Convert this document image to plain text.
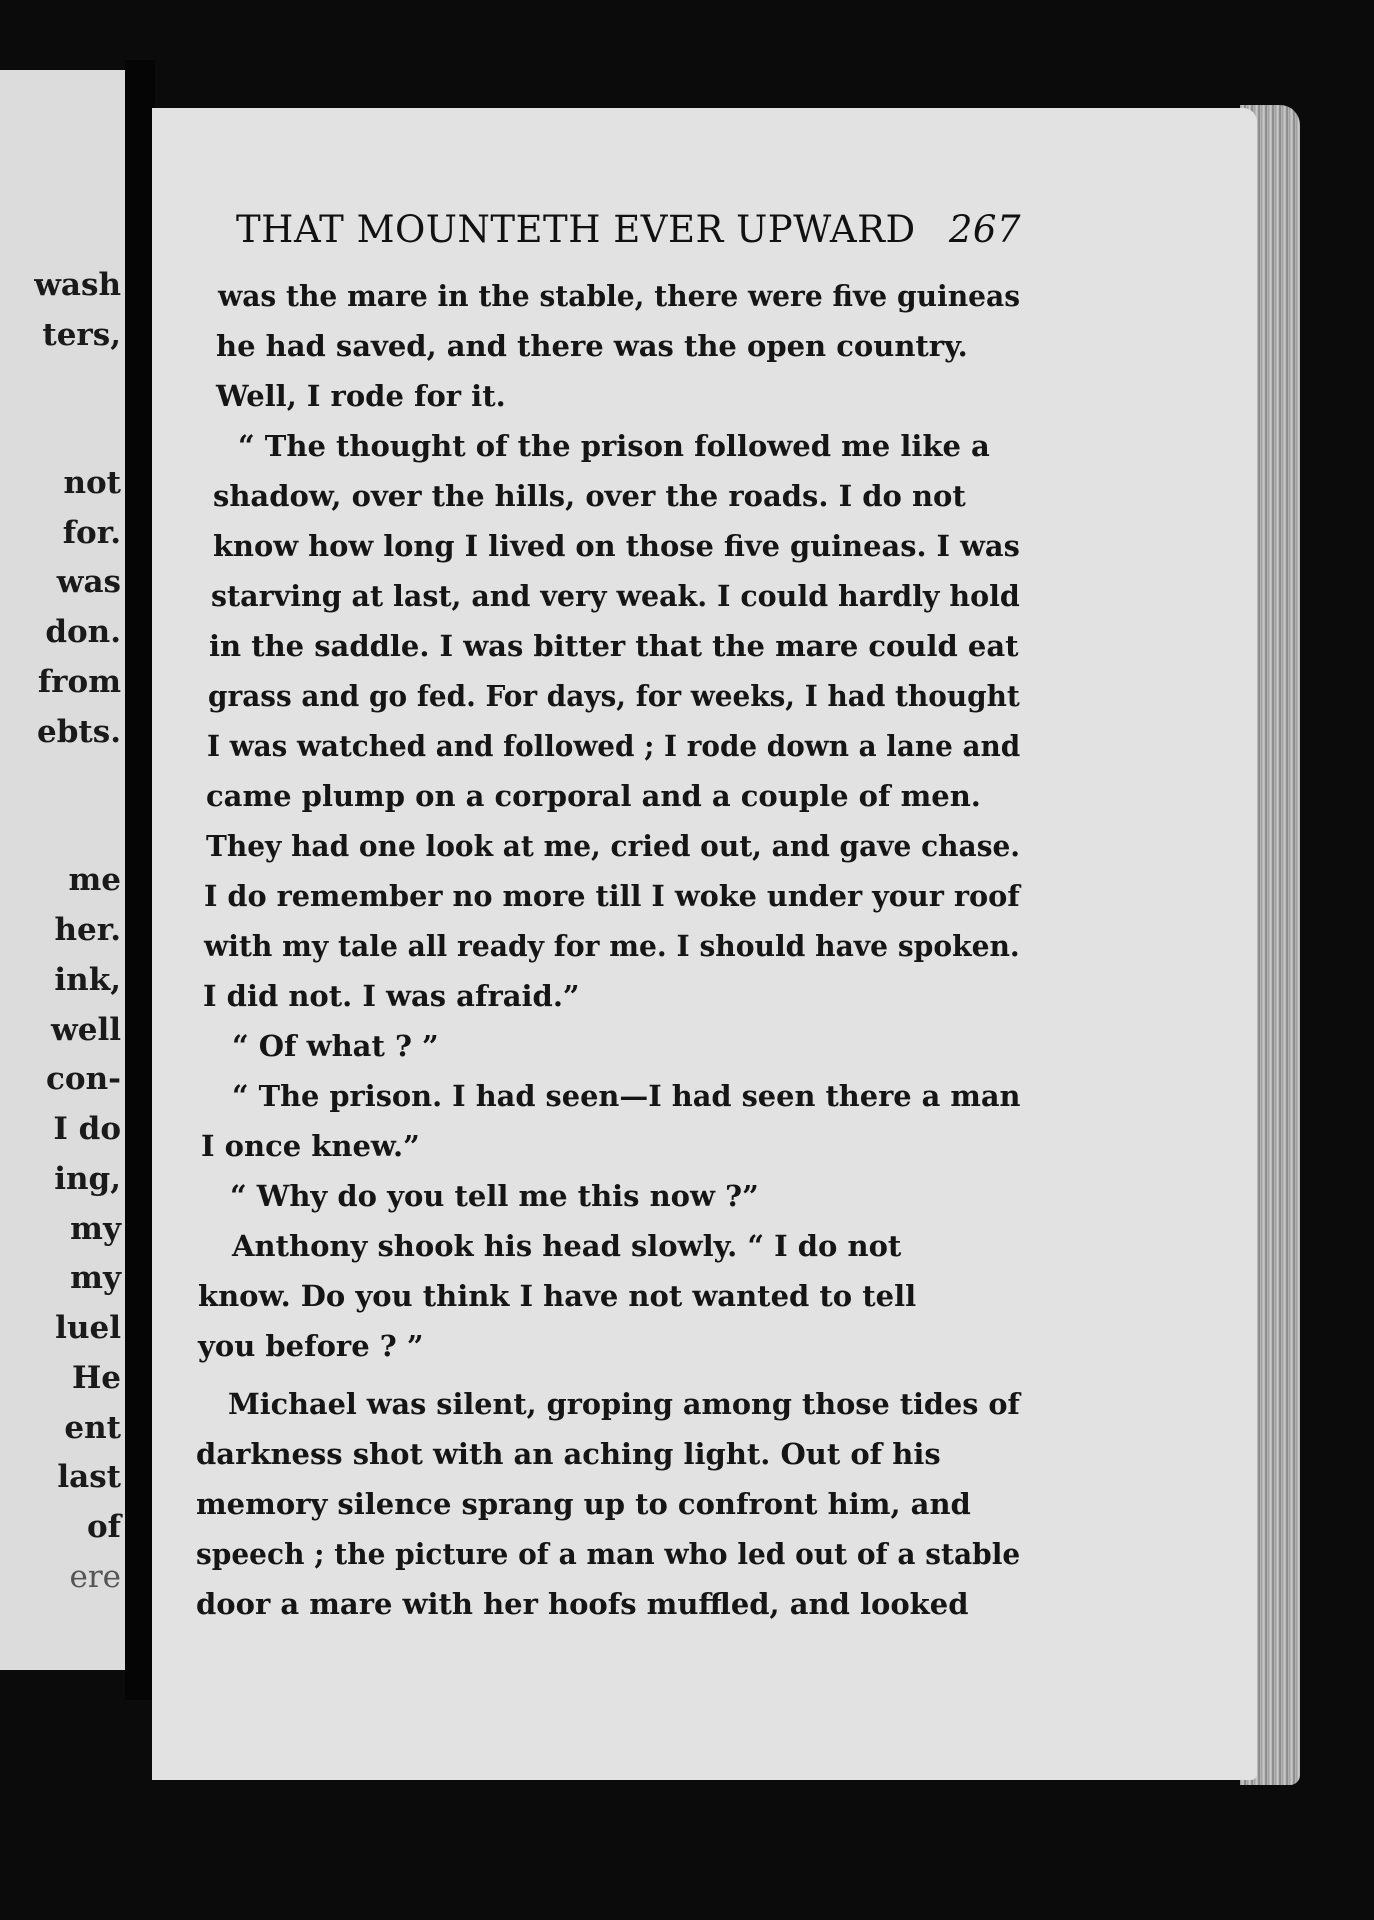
wash
ters,
not
for.
was
don.
from
ebts.
me
her.
ink,
well
con-
I do
ing,
my
my
luel
He
ent
last
of
ere
THAT MOUNTETH EVER UPWARD 267
was the mare in the stable, there were five guineas
he had saved, and there was the open country.
Well, I rode for it.
“ The thought of the prison followed me like a
shadow, over the hills, over the roads. I do not
know how long I lived on those five guineas. I was
starving at last, and very weak. I could hardly hold
in the saddle. I was bitter that the mare could eat
grass and go fed. For days, for weeks, I had thought
I was watched and followed ; I rode down a lane and
came plump on a corporal and a couple of men.
They had one look at me, cried out, and gave chase.
I do remember no more till I woke under your roof
with my tale all ready for me. I should have spoken.
I did not. I was afraid.”
“ Of what ? ”
“ The prison. I had seen—I had seen there a man
I once knew.”
“ Why do you tell me this now ?”
Anthony shook his head slowly. “ I do not
know. Do you think I have not wanted to tell
you before ? ”
Michael was silent, groping among those tides of
darkness shot with an aching light. Out of his
memory silence sprang up to confront him, and
speech ; the picture of a man who led out of a stable
door a mare with her hoofs muffled, and looked
